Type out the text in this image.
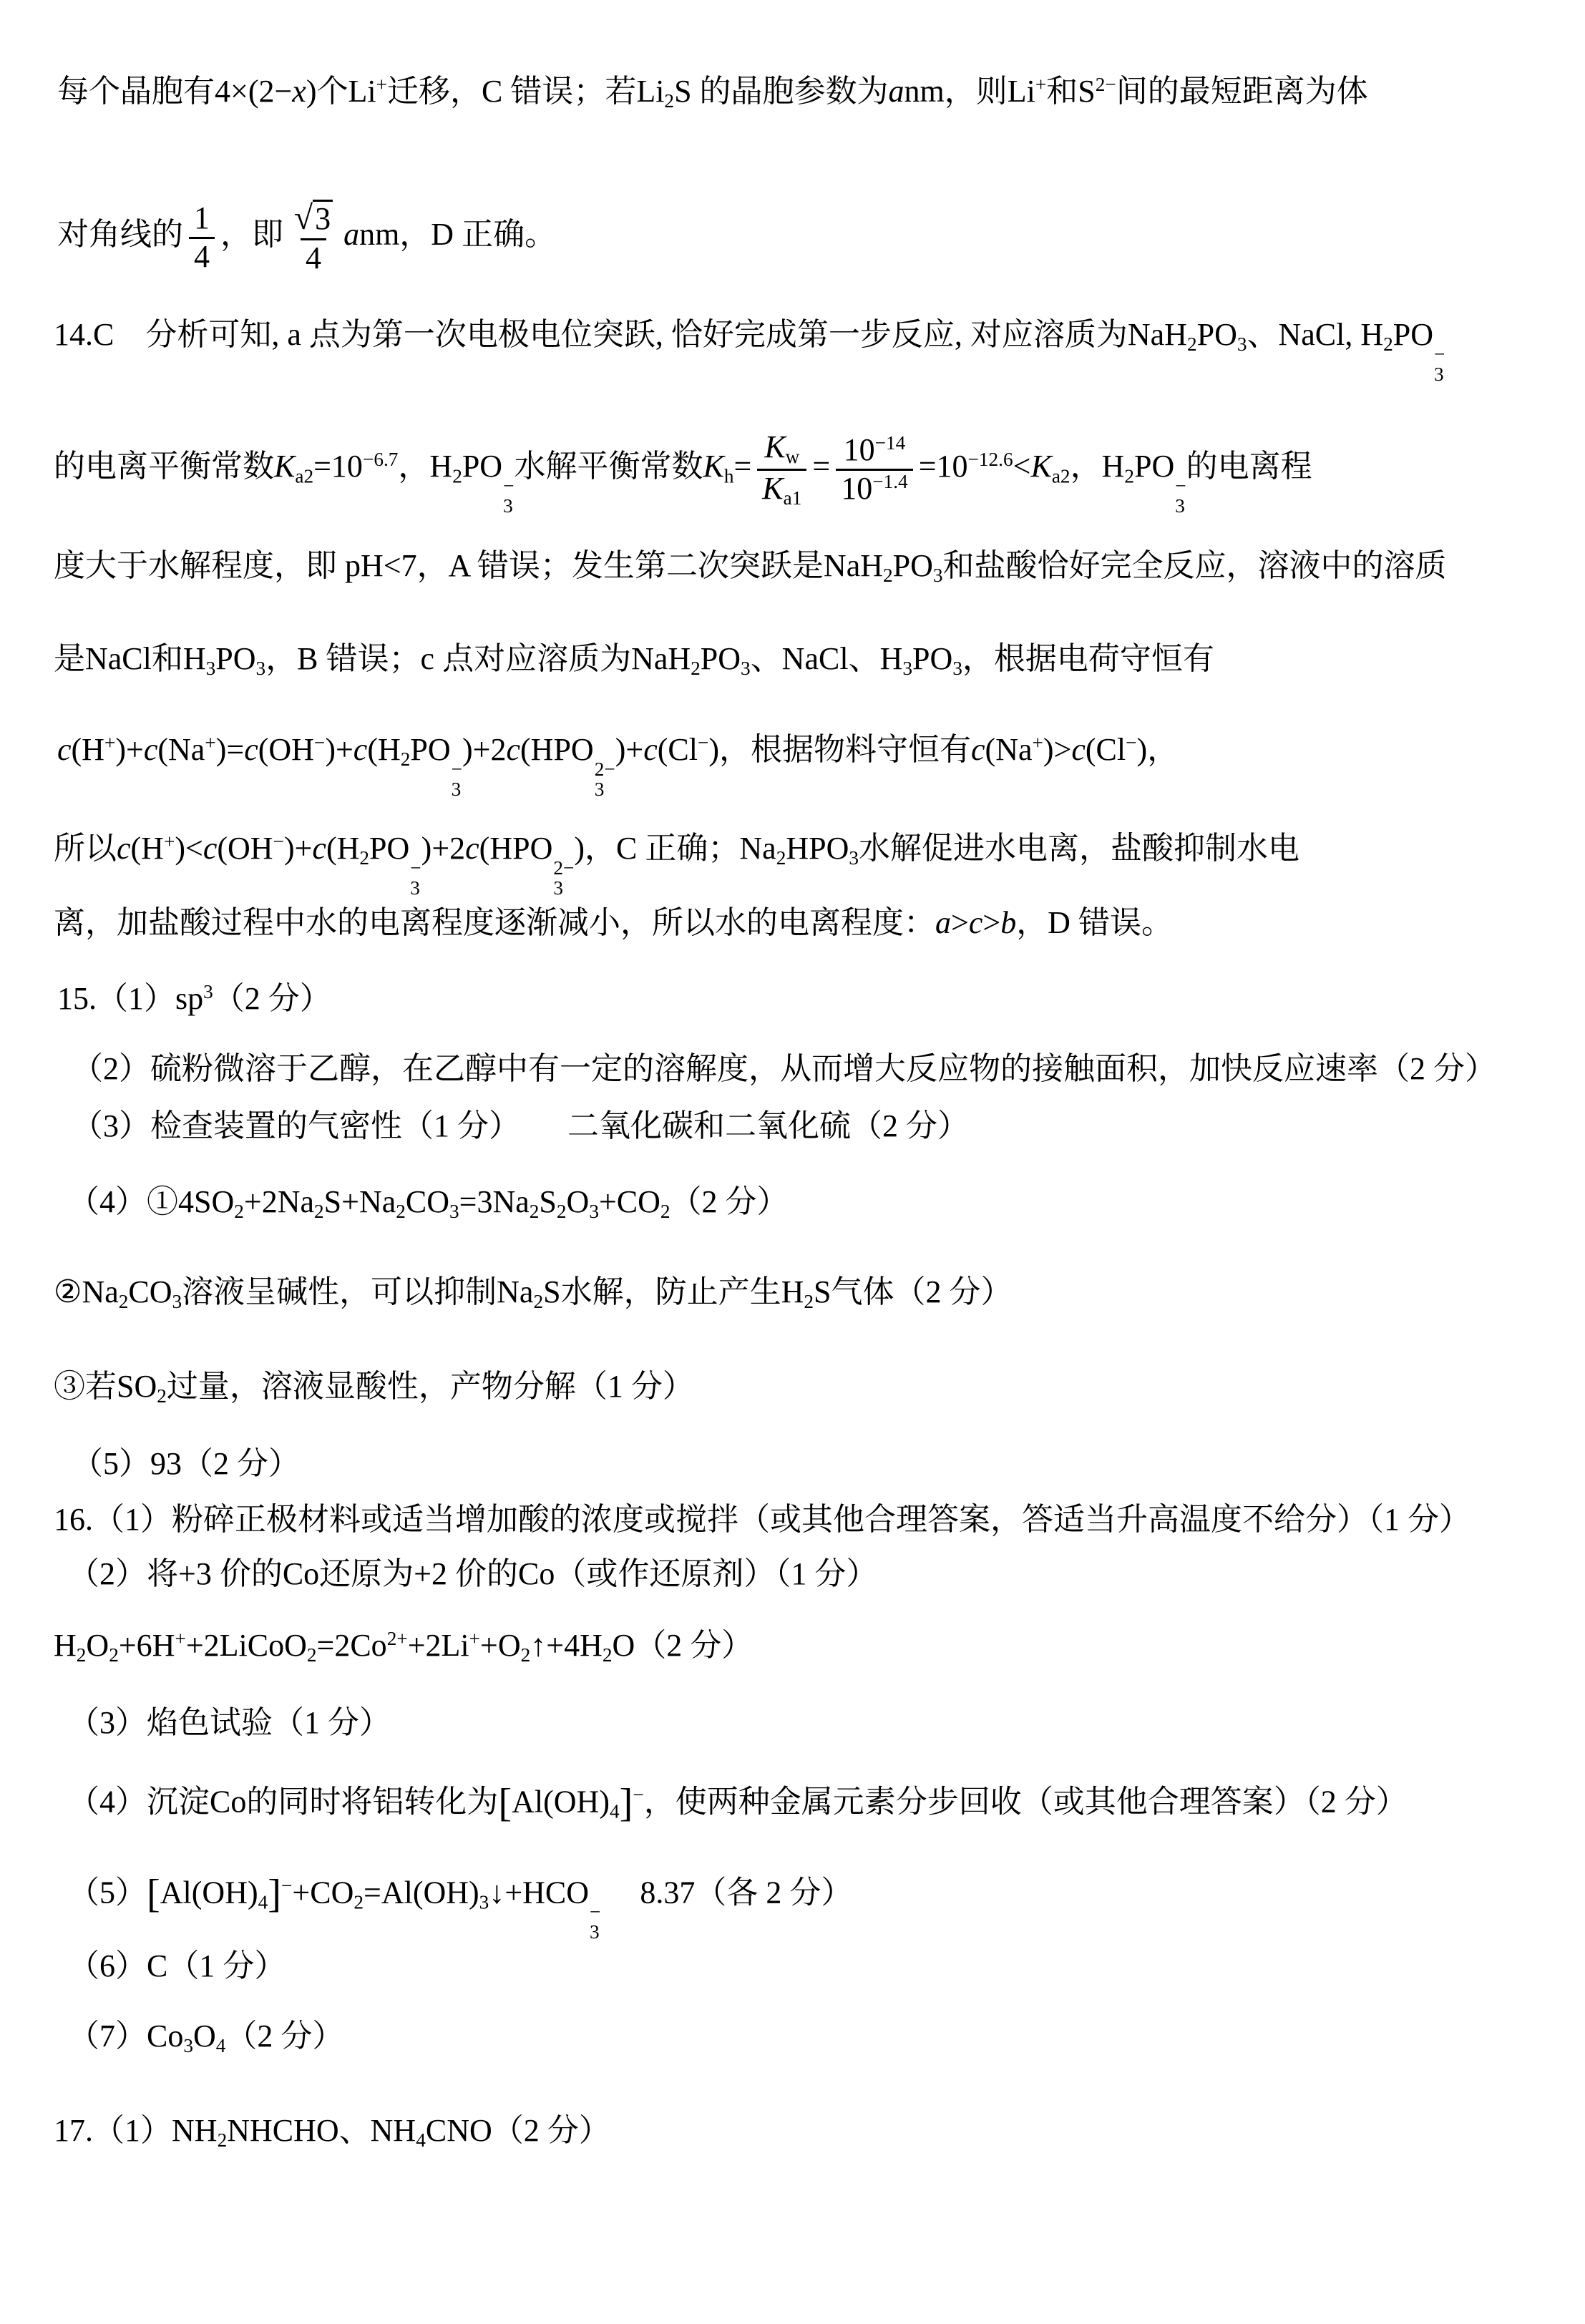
每个晶胞有4×(2−x)个Li+迁移，C 错误；若$Li_2S$ 的晶胞参数为anm，则Li+和$S^{2-}$间的最短距离为体
对角线的 $\frac{1}{4}$ ，即 $\frac{√3}{4}$ anm，D 正确。
14.C　分析可知, a 点为第一次电极电位突跃, 恰好完成第一步反应, 对应溶质为$NaH_2PO_3$、NaCl, $H_2PO$
−
3
的电离平衡常数$K_{a2}=10^{-6.7}$，$H_2PO$
−
3
水解平衡常数$K_h= \frac{K_w}{K_{a1}} = \frac{10^{-14}}{10^{-1.4}} =10^{-12.6}<K_{a2}$，$H_2PO$
−
3
的电离程
度大于水解程度，即 pH<7，A 错误；发生第二次突跃是$NaH_2PO_3$和盐酸恰好完全反应，溶液中的溶质
是NaCl和$H_3PO_3$，B 错误；c 点对应溶质为$NaH_2PO_3$、NaCl、$H_3PO_3$，根据电荷守恒有
$c(H^+)+c(Na^+)=c(OH^-)+c(H_2PO$
−
3
)+2c(HPO
2−
3
)+c(Cl−)，根据物料守恒有c(Na+)>c(Cl−)，
所以$c(H^+)<c(OH^-)+c(H_2PO$
−
3
)+2c(HPO
2−
3
)，C 正确；$Na_2HPO_3$水解促进水电离，盐酸抑制水电
离，加盐酸过程中水的电离程度逐渐减小，所以水的电离程度：a>c>b，D 错误。
$15.(1)sp^3(2$ 分）
（2）硫粉微溶于乙醇，在乙醇中有一定的溶解度，从而增大反应物的接触面积，加快反应速率（2 分）
（3）检查装置的气密性（1 分）　　二氧化碳和二氧化硫（2 分）
$(4)①4SO_2+2Na_2S+Na_2CO_3=3Na_2S_2O_3+CO_2(2$ 分）
$②Na_2CO_3$溶液呈碱性，可以抑制$Na_2S$水解，防止产生$H_2S$气体（2 分）
③若$SO_2$过量，溶液显酸性，产物分解（1 分）
（5）93（2 分）
16.（1）粉碎正极材料或适当增加酸的浓度或搅拌（或其他合理答案，答适当升高温度不给分）（1 分）
（2）将+3 价的Co还原为+2 价的Co（或作还原剂）（1 分）
$H_2O_2+6H^++2LiCoO_2=2Co^{2+}+2Li^++O_2↑+4H_2O(2$ 分）
（3）焰色试验（1 分）
（4）沉淀Co的同时将铝转化为$[Al(OH)_4]^-$，使两种金属元素分步回收（或其他合理答案）（2 分）
$(5)[Al(OH)_4]^-+CO_2=Al(OH)_3↓+HCO$
−
3
　 8.37（各 2 分）
（6）C（1 分）
$(7)Co_3O_4(2$ 分）
$17.(1)NH_2NHCHO$、$NH_4CNO(2$ 分）
